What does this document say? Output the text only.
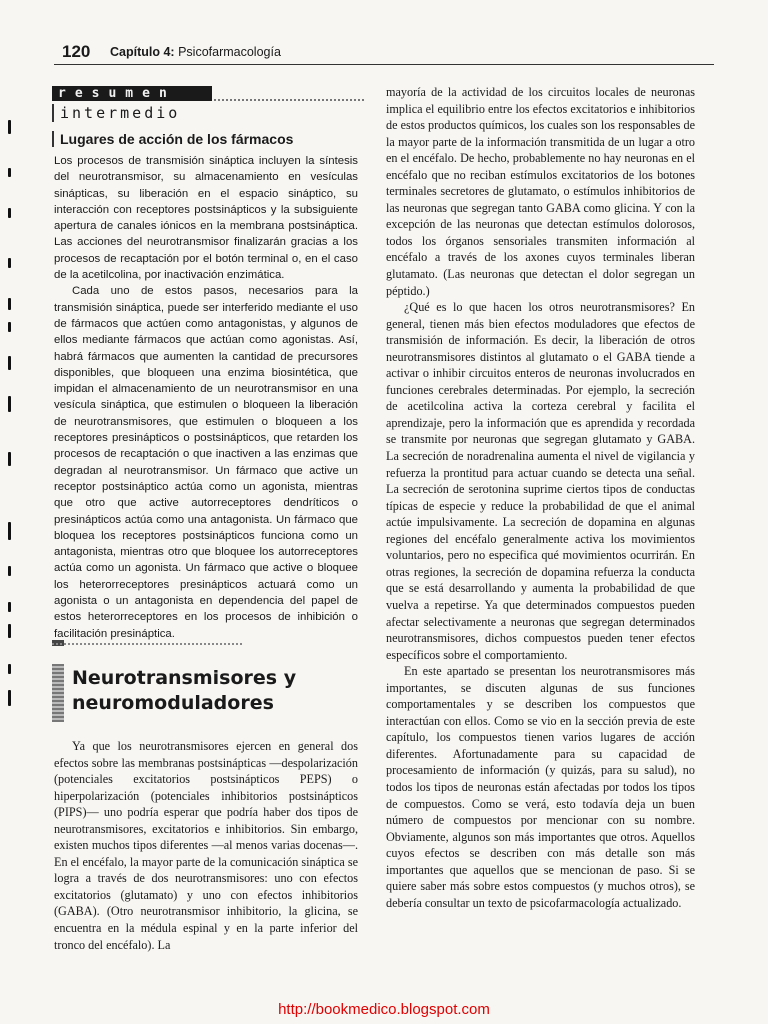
120 Capítulo 4: Psicofarmacología
resumen
intermedio
Lugares de acción de los fármacos

Los procesos de transmisión sináptica incluyen la síntesis del neurotransmisor, su almacenamiento en vesículas sinápticas, su liberación en el espacio sináptico, su interacción con receptores postsinápticos y la subsiguiente apertura de canales iónicos en la membrana postsináptica. Las acciones del neurotransmisor finalizarán gracias a los procesos de recaptación por el botón terminal o, en el caso de la acetilcolina, por inactivación enzimática.

Cada uno de estos pasos, necesarios para la transmisión sináptica, puede ser interferido mediante el uso de fármacos que actúen como antagonistas, y algunos de ellos mediante fármacos que actúan como agonistas. Así, habrá fármacos que aumenten la cantidad de precursores disponibles, que bloqueen una enzima biosintética, que impidan el almacenamiento de un neurotransmisor en una vesícula sináptica, que estimulen o bloqueen la liberación de neurotransmisores, que estimulen o bloqueen a los receptores presinápticos o postsinápticos, que retarden los procesos de recaptación o que inactiven a las enzimas que degradan al neurotransmisor. Un fármaco que active un receptor postsináptico actúa como un agonista, mientras que otro que active autorreceptores dendríticos o presinápticos actúa como una antagonista. Un fármaco que bloquea los receptores postsinápticos funciona como un antagonista, mientras otro que bloquee los autorreceptores actúa como un agonista. Un fármaco que active o bloquee los heterorreceptores presinápticos actuará como un agonista o un antagonista en dependencia del papel de estos heterorreceptores en los procesos de inhibición o facilitación presináptica.

Neurotransmisores y neuromoduladores

Ya que los neurotransmisores ejercen en general dos efectos sobre las membranas postsinápticas —despolarización (potenciales excitatorios postsinápticos PEPS) o hiperpolarización (potenciales inhibitorios postsinápticos (PIPS)— uno podría esperar que podría haber dos tipos de neurotransmisores, excitatorios e inhibitorios. Sin embargo, existen muchos tipos diferentes —al menos varias docenas—. En el encéfalo, la mayor parte de la comunicación sináptica se logra a través de dos neurotransmisores: uno con efectos excitatorios (glutamato) y uno con efectos inhibitorios (GABA). (Otro neurotransmisor inhibitorio, la glicina, se encuentra en la médula espinal y en la parte inferior del tronco del encéfalo). La

mayoría de la actividad de los circuitos locales de neuronas implica el equilibrio entre los efectos excitatorios e inhibitorios de estos productos químicos, los cuales son los responsables de la mayor parte de la información transmitida de un lugar a otro en el encéfalo. De hecho, probablemente no hay neuronas en el encéfalo que no reciban estímulos excitatorios de los botones terminales secretores de glutamato, o estímulos inhibitorios de las neuronas que segregan tanto GABA como glicina. Y con la excepción de las neuronas que detectan estímulos dolorosos, todos los órganos sensoriales transmiten información al encéfalo a través de los axones cuyos terminales liberan glutamato. (Las neuronas que detectan el dolor segregan un péptido.)

¿Qué es lo que hacen los otros neurotransmisores? En general, tienen más bien efectos moduladores que efectos de transmisión de información. Es decir, la liberación de otros neurotransmisores distintos al glutamato o el GABA tiende a activar o inhibir circuitos enteros de neuronas involucrados en funciones cerebrales determinadas. Por ejemplo, la secreción de acetilcolina activa la corteza cerebral y facilita el aprendizaje, pero la información que es aprendida y recordada se transmite por neuronas que segregan glutamato y GABA. La secreción de noradrenalina aumenta el nivel de vigilancia y refuerza la prontitud para actuar cuando se detecta una señal. La secreción de serotonina suprime ciertos tipos de conductas típicas de especie y reduce la probabilidad de que el animal actúe impulsivamente. La secreción de dopamina en algunas regiones del encéfalo generalmente activa los movimientos voluntarios, pero no especifica qué movimientos ocurrirán. En otras regiones, la secreción de dopamina refuerza la conducta que se está desarrollando y aumenta la probabilidad de que vuelva a repetirse. Ya que determinados compuestos pueden afectar selectivamente a neuronas que segregan determinados neurotransmisores, dichos compuestos pueden tener efectos específicos sobre el comportamiento.

En este apartado se presentan los neurotransmisores más importantes, se discuten algunas de sus funciones comportamentales y se describen los compuestos que interactúan con ellos. Como se vio en la sección previa de este capítulo, los compuestos tienen varios lugares de acción diferentes. Afortunadamente para su capacidad de procesamiento de información (y quizás, para su salud), no todos los tipos de neuronas están afectadas por todos los tipos de compuestos. Como se verá, esto todavía deja un buen número de compuestos por mencionar con su nombre. Obviamente, algunos son más importantes que otros. Aquellos cuyos efectos se describen con más detalle son más importantes que aquellos que se mencionan de paso. Si se quiere saber más sobre estos compuestos (y muchos otros), se debería consultar un texto de psicofarmacología actualizado.

http://bookmedico.blogspot.com
